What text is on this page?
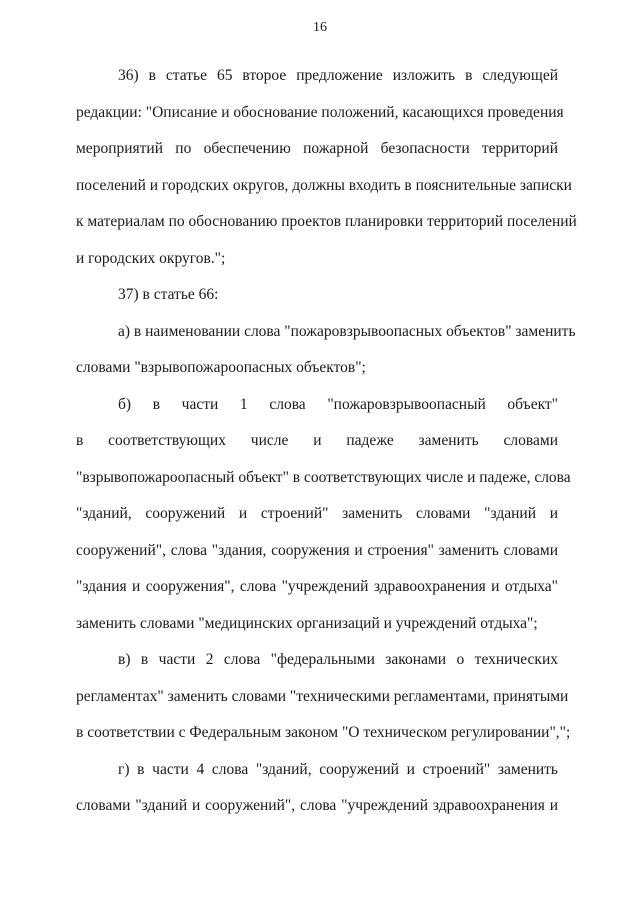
16
36) в статье 65 второе предложение изложить в следующей
редакции: "Описание и обоснование положений, касающихся проведения
мероприятий по обеспечению пожарной безопасности территорий
поселений и городских округов, должны входить в пояснительные записки
к материалам по обоснованию проектов планировки территорий поселений
и городских округов.";
37) в статье 66:
а) в наименовании слова "пожаровзрывоопасных объектов" заменить
словами "взрывопожароопасных объектов";
б) в части 1 слова "пожаровзрывоопасный объект"
в соответствующих числе и падеже заменить словами
"взрывопожароопасный объект" в соответствующих числе и падеже, слова
"зданий, сооружений и строений" заменить словами "зданий и
сооружений", слова "здания, сооружения и строения" заменить словами
"здания и сооружения", слова "учреждений здравоохранения и отдыха"
заменить словами "медицинских организаций и учреждений отдыха";
в) в части 2 слова "федеральными законами о технических
регламентах" заменить словами "техническими регламентами, принятыми
в соответствии с Федеральным законом "О техническом регулировании",";
г) в части 4 слова "зданий, сооружений и строений" заменить
словами "зданий и сооружений", слова "учреждений здравоохранения и
